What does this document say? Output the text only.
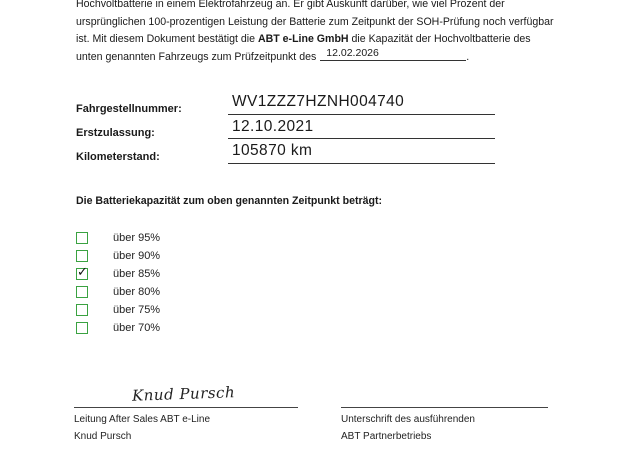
Hochvoltbatterie in einem Elektrofahrzeug an. Er gibt Auskunft darüber, wie viel Prozent der

ursprünglichen 100-prozentigen Leistung der Batterie zum Zeitpunkt der SOH-Prüfung noch verfügbar

ist. Mit diesem Dokument bestätigt die ABT e-Line GmbH die Kapazität der Hochvoltbatterie des

unten genannten Fahrzeugs zum Prüfzeitpunkt des 12.02.2026	.

Fahrgestellnummer:	WV1ZZZ7HZNH004740
Erstzulassung:	12.10.2021
Kilometerstand:	105870 km
Die Batteriekapazität zum oben genannten Zeitpunkt beträgt:
über 95%
über 90%
✓ über 85%
über 80%
über 75%
über 70%
Knud Pursch
Leitung After Sales ABT e-Line
Knud Pursch
Unterschrift des ausführenden
ABT Partnerbetriebs
